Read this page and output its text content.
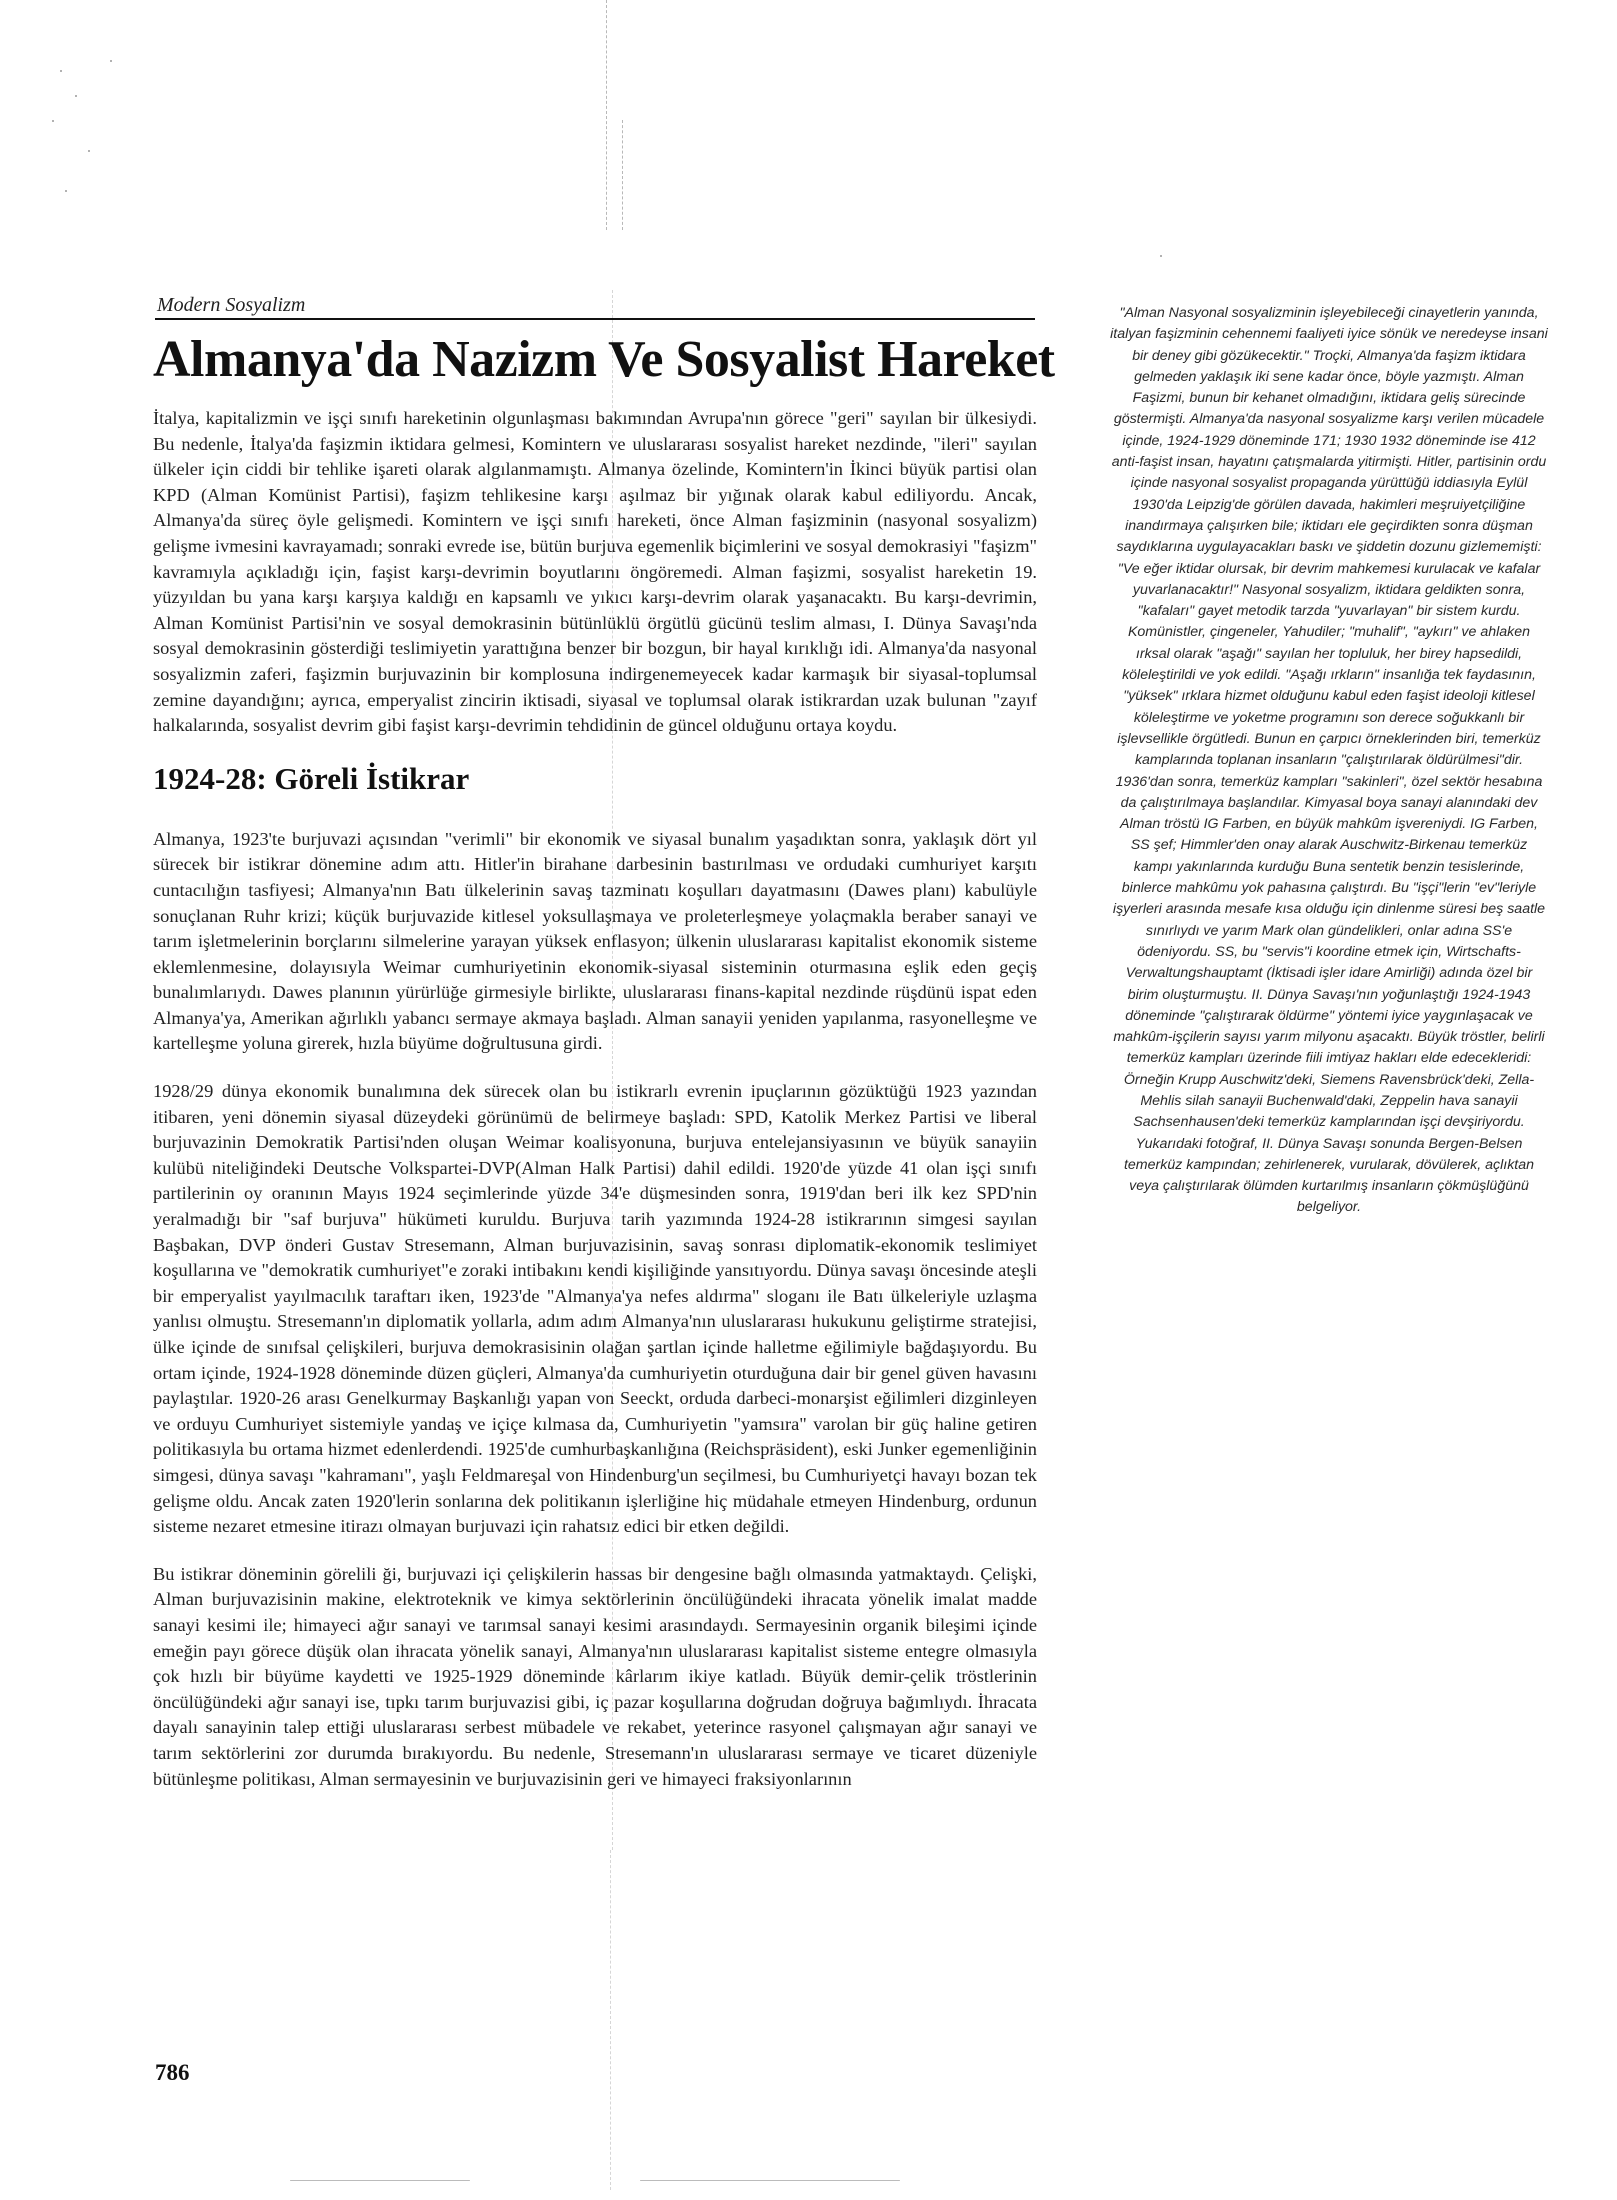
Modern Sosyalizm
Almanya'da Nazizm Ve Sosyalist Hareket

İtalya, kapitalizmin ve işçi sınıfı hareketinin olgunlaşması bakımından Avrupa'nın görece "geri" sayılan bir ülkesiydi. Bu nedenle, İtalya'da faşizmin iktidara gelmesi, Komintern ve uluslararası sosyalist hareket nezdinde, "ileri" sayılan ülkeler için ciddi bir tehlike işareti olarak algılanmamıştı. Almanya özelinde, Komintern'in İkinci büyük partisi olan KPD (Alman Komünist Partisi), faşizm tehlikesine karşı aşılmaz bir yığınak olarak kabul ediliyordu. Ancak, Almanya'da süreç öyle gelişmedi. Komintern ve işçi sınıfı hareketi, önce Alman faşizminin (nasyonal sosyalizm) gelişme ivmesini kavrayamadı; sonraki evrede ise, bütün burjuva egemenlik biçimlerini ve sosyal demokrasiyi "faşizm" kavramıyla açıkladığı için, faşist karşı-devrimin boyutlarını öngöremedi. Alman faşizmi, sosyalist hareketin 19. yüzyıldan bu yana karşı karşıya kaldığı en kapsamlı ve yıkıcı karşı-devrim olarak yaşanacaktı. Bu karşı-devrimin, Alman Komünist Partisi'nin ve sosyal demokrasinin bütünlüklü örgütlü gücünü teslim alması, I. Dünya Savaşı'nda sosyal demokrasinin gösterdiği teslimiyetin yarattığına benzer bir bozgun, bir hayal kırıklığı idi. Almanya'da nasyonal sosyalizmin zaferi, faşizmin burjuvazinin bir komplosuna indirgenemeyecek kadar karmaşık bir siyasal-toplumsal zemine dayandığını; ayrıca, emperyalist zincirin iktisadi, siyasal ve toplumsal olarak istikrardan uzak bulunan "zayıf halkalarında, sosyalist devrim gibi faşist karşı-devrimin tehdidinin de güncel olduğunu ortaya koydu.

1924-28: Göreli İstikrar

Almanya, 1923'te burjuvazi açısından "verimli" bir ekonomik ve siyasal bunalım yaşadıktan sonra, yaklaşık dört yıl sürecek bir istikrar dönemine adım attı. Hitler'in birahane darbesinin bastırılması ve ordudaki cumhuriyet karşıtı cuntacılığın tasfiyesi; Almanya'nın Batı ülkelerinin savaş tazminatı koşulları dayatmasını (Dawes planı) kabulüyle sonuçlanan Ruhr krizi; küçük burjuvazide kitlesel yoksullaşmaya ve proleterleşmeye yolaçmakla beraber sanayi ve tarım işletmelerinin borçlarını silmelerine yarayan yüksek enflasyon; ülkenin uluslararası kapitalist ekonomik sisteme eklemlenmesine, dolayısıyla Weimar cumhuriyetinin ekonomik-siyasal sisteminin oturmasına eşlik eden geçiş bunalımlarıydı. Dawes planının yürürlüğe girmesiyle birlikte, uluslararası finans-kapital nezdinde rüşdünü ispat eden Almanya'ya, Amerikan ağırlıklı yabancı sermaye akmaya başladı. Alman sanayii yeniden yapılanma, rasyonelleşme ve kartelleşme yoluna girerek, hızla büyüme doğrultusuna girdi.

1928/29 dünya ekonomik bunalımına dek sürecek olan bu istikrarlı evrenin ipuçlarının gözüktüğü 1923 yazından itibaren, yeni dönemin siyasal düzeydeki görünümü de belirmeye başladı: SPD, Katolik Merkez Partisi ve liberal burjuvazinin Demokratik Partisi'nden oluşan Weimar koalisyonuna, burjuva entelejansiyasının ve büyük sanayiin kulübü niteliğindeki Deutsche Volkspartei-DVP(Alman Halk Partisi) dahil edildi. 1920'de yüzde 41 olan işçi sınıfı partilerinin oy oranının Mayıs 1924 seçimlerinde yüzde 34'e düşmesinden sonra, 1919'dan beri ilk kez SPD'nin yeralmadığı bir "saf burjuva" hükümeti kuruldu. Burjuva tarih yazımında 1924-28 istikrarının simgesi sayılan Başbakan, DVP önderi Gustav Stresemann, Alman burjuvazisinin, savaş sonrası diplomatik-ekonomik teslimiyet koşullarına ve "demokratik cumhuriyet"e zoraki intibakını kendi kişiliğinde yansıtıyordu. Dünya savaşı öncesinde ateşli bir emperyalist yayılmacılık taraftarı iken, 1923'de "Almanya'ya nefes aldırma" sloganı ile Batı ülkeleriyle uzlaşma yanlısı olmuştu. Stresemann'ın diplomatik yollarla, adım adım Almanya'nın uluslararası hukukunu geliştirme stratejisi, ülke içinde de sınıfsal çelişkileri, burjuva demokrasisinin olağan şartlan içinde halletme eğilimiyle bağdaşıyordu. Bu ortam içinde, 1924-1928 döneminde düzen güçleri, Almanya'da cumhuriyetin oturduğuna dair bir genel güven havasını paylaştılar. 1920-26 arası Genelkurmay Başkanlığı yapan von Seeckt, orduda darbeci-monarşist eğilimleri dizginleyen ve orduyu Cumhuriyet sistemiyle yandaş ve içiçe kılmasa da, Cumhuriyetin "yamsıra" varolan bir güç haline getiren politikasıyla bu ortama hizmet edenlerdendi. 1925'de cumhurbaşkanlığına (Reichspräsident), eski Junker egemenliğinin simgesi, dünya savaşı "kahramanı", yaşlı Feldmareşal von Hindenburg'un seçilmesi, bu Cumhuriyetçi havayı bozan tek gelişme oldu. Ancak zaten 1920'lerin sonlarına dek politikanın işlerliğine hiç müdahale etmeyen Hindenburg, ordunun sisteme nezaret etmesine itirazı olmayan burjuvazi için rahatsız edici bir etken değildi.

Bu istikrar döneminin görelili ği, burjuvazi içi çelişkilerin hassas bir dengesine bağlı olmasında yatmaktaydı. Çelişki, Alman burjuvazisinin makine, elektroteknik ve kimya sektörlerinin öncülüğündeki ihracata yönelik imalat madde sanayi kesimi ile; himayeci ağır sanayi ve tarımsal sanayi kesimi arasındaydı. Sermayesinin organik bileşimi içinde emeğin payı görece düşük olan ihracata yönelik sanayi, Almanya'nın uluslararası kapitalist sisteme entegre olmasıyla çok hızlı bir büyüme kaydetti ve 1925-1929 döneminde kârlarım ikiye katladı. Büyük demir-çelik tröstlerinin öncülüğündeki ağır sanayi ise, tıpkı tarım burjuvazisi gibi, iç pazar koşullarına doğrudan doğruya bağımlıydı. İhracata dayalı sanayinin talep ettiği uluslararası serbest mübadele ve rekabet, yeterince rasyonel çalışmayan ağır sanayi ve tarım sektörlerini zor durumda bırakıyordu. Bu nedenle, Stresemann'ın uluslararası sermaye ve ticaret düzeniyle bütünleşme politikası, Alman sermayesinin ve burjuvazisinin geri ve himayeci fraksiyonlarının

"Alman Nasyonal sosyalizminin işleyebileceği cinayetlerin yanında, italyan faşizminin cehennemi faaliyeti iyice sönük ve neredeyse insani bir deney gibi gözükecektir." Troçki, Almanya'da faşizm iktidara gelmeden yaklaşık iki sene kadar önce, böyle yazmıştı. Alman Faşizmi, bunun bir kehanet olmadığını, iktidara geliş sürecinde göstermişti. Almanya'da nasyonal sosyalizme karşı verilen mücadele içinde, 1924-1929 döneminde 171; 1930 1932 döneminde ise 412 anti-faşist insan, hayatını çatışmalarda yitirmişti. Hitler, partisinin ordu içinde nasyonal sosyalist propaganda yürüttüğü iddiasıyla Eylül 1930'da Leipzig'de görülen davada, hakimleri meşruiyetçiliğine inandırmaya çalışırken bile; iktidarı ele geçirdikten sonra düşman saydıklarına uygulayacakları baskı ve şiddetin dozunu gizlememişti: "Ve eğer iktidar olursak, bir devrim mahkemesi kurulacak ve kafalar yuvarlanacaktır!" Nasyonal sosyalizm, iktidara geldikten sonra, "kafaları" gayet metodik tarzda "yuvarlayan" bir sistem kurdu. Komünistler, çingeneler, Yahudiler; "muhalif", "aykırı" ve ahlaken ırksal olarak "aşağı" sayılan her topluluk, her birey hapsedildi, köleleştirildi ve yok edildi. "Aşağı ırkların" insanlığa tek faydasının, "yüksek" ırklara hizmet olduğunu kabul eden faşist ideoloji kitlesel köleleştirme ve yoketme programını son derece soğukkanlı bir işlevsellikle örgütledi. Bunun en çarpıcı örneklerinden biri, temerküz kamplarında toplanan insanların "çalıştırılarak öldürülmesi"dir. 1936'dan sonra, temerküz kampları "sakinleri", özel sektör hesabına da çalıştırılmaya başlandılar. Kimyasal boya sanayi alanındaki dev Alman tröstü IG Farben, en büyük mahkûm işvereniydi. IG Farben, SS şef; Himmler'den onay alarak Auschwitz-Birkenau temerküz kampı yakınlarında kurduğu Buna sentetik benzin tesislerinde, binlerce mahkûmu yok pahasına çalıştırdı. Bu "işçi"lerin "ev"leriyle işyerleri arasında mesafe kısa olduğu için dinlenme süresi beş saatle sınırlıydı ve yarım Mark olan gündelikleri, onlar adına SS'e ödeniyordu. SS, bu "servis"i koordine etmek için, Wirtschafts-Verwaltungshauptamt (İktisadi işler idare Amirliği) adında özel bir birim oluşturmuştu. II. Dünya Savaşı'nın yoğunlaştığı 1924-1943 döneminde "çalıştırarak öldürme" yöntemi iyice yaygınlaşacak ve mahkûm-işçilerin sayısı yarım milyonu aşacaktı. Büyük tröstler, belirli temerküz kampları üzerinde fiili imtiyaz hakları elde edecekleridi: Örneğin Krupp Auschwitz'deki, Siemens Ravensbrück'deki, Zella-Mehlis silah sanayii Buchenwald'daki, Zeppelin hava sanayii Sachsenhausen'deki temerküz kamplarından işçi devşiriyordu. Yukarıdaki fotoğraf, II. Dünya Savaşı sonunda Bergen-Belsen temerküz kampından; zehirlenerek, vurularak, dövülerek, açlıktan veya çalıştırılarak ölümden kurtarılmış insanların çökmüşlüğünü belgeliyor.
786
